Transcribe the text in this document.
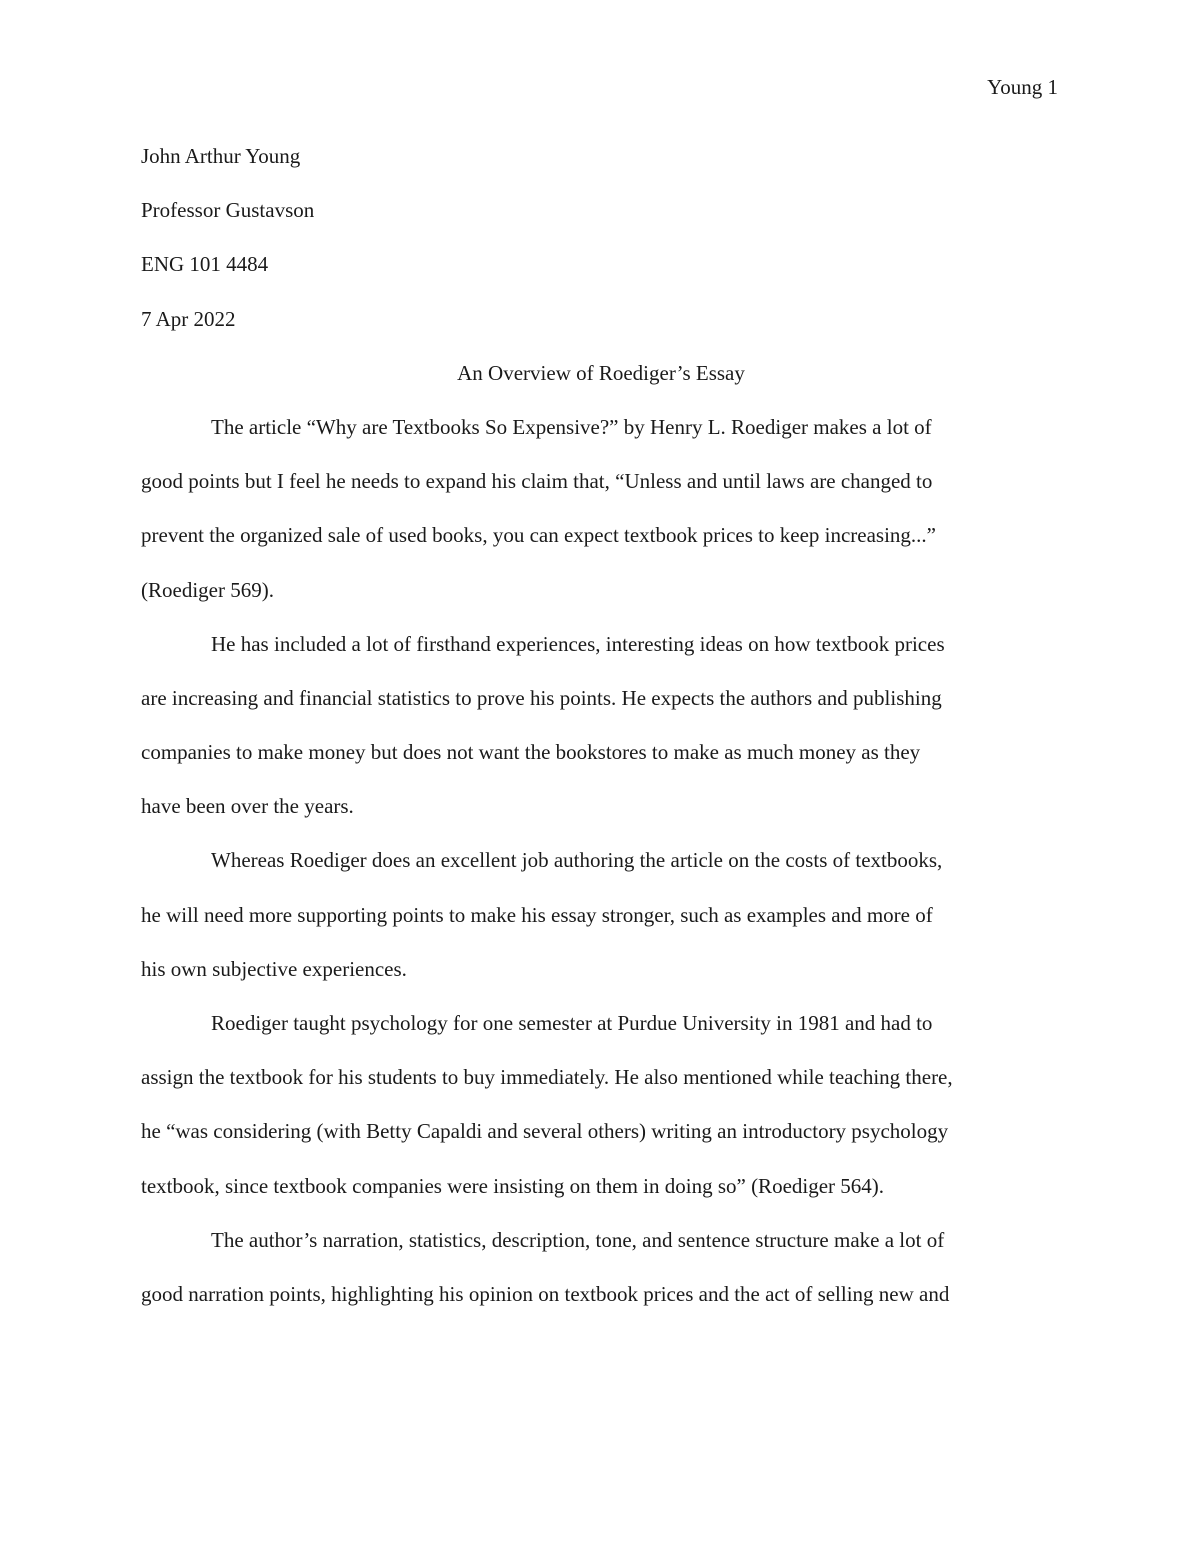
Young 1
John Arthur Young
Professor Gustavson
ENG 101 4484
7 Apr 2022
An Overview of Roediger’s Essay
The article “Why are Textbooks So Expensive?” by Henry L. Roediger makes a lot of
good points but I feel he needs to expand his claim that, “Unless and until laws are changed to
prevent the organized sale of used books, you can expect textbook prices to keep increasing...”
(Roediger 569).
He has included a lot of firsthand experiences, interesting ideas on how textbook prices
are increasing and financial statistics to prove his points. He expects the authors and publishing
companies to make money but does not want the bookstores to make as much money as they
have been over the years.
Whereas Roediger does an excellent job authoring the article on the costs of textbooks,
he will need more supporting points to make his essay stronger, such as examples and more of
his own subjective experiences.
Roediger taught psychology for one semester at Purdue University in 1981 and had to
assign the textbook for his students to buy immediately. He also mentioned while teaching there,
he “was considering (with Betty Capaldi and several others) writing an introductory psychology
textbook, since textbook companies were insisting on them in doing so” (Roediger 564).
The author’s narration, statistics, description, tone, and sentence structure make a lot of
good narration points, highlighting his opinion on textbook prices and the act of selling new and
